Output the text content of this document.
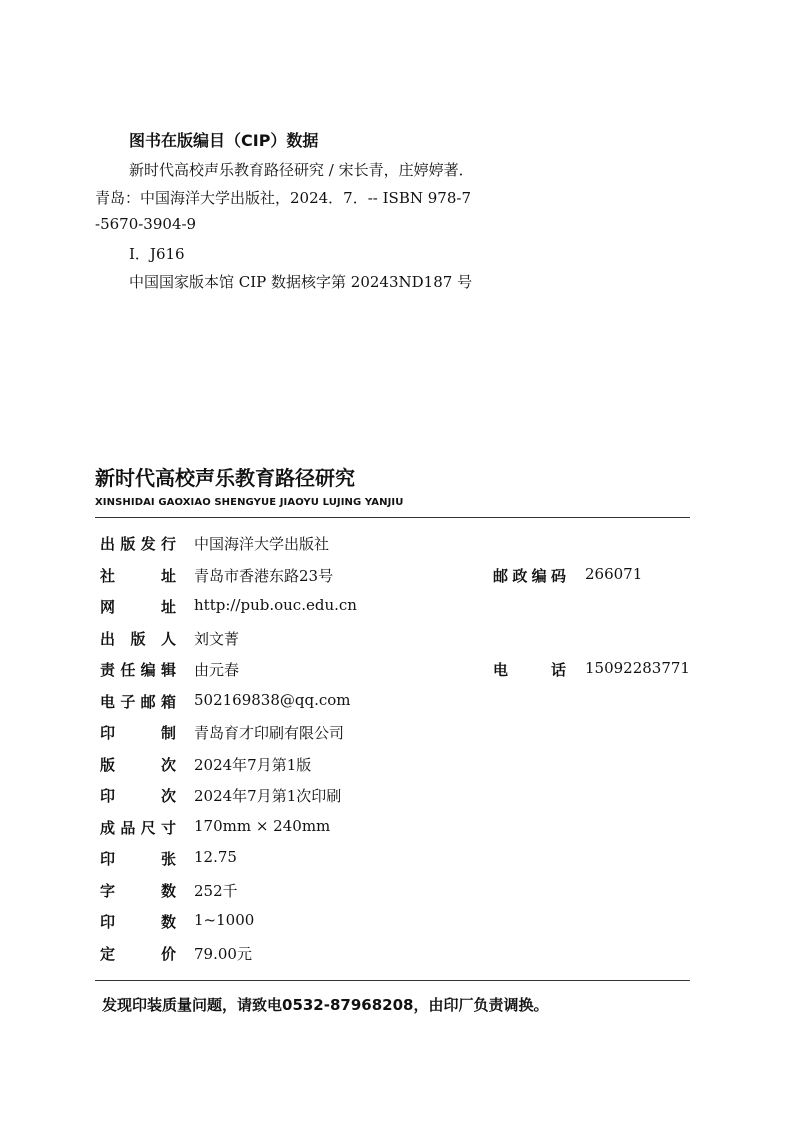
图书在版编目（CIP）数据
新时代高校声乐教育路径研究 / 宋长青，庄婷婷著．
青岛：中国海洋大学出版社，2024．7．-- ISBN 978-7
-5670-3904-9
Ⅰ．J616
中国国家版本馆 CIP 数据核字第 20243ND187 号
新时代高校声乐教育路径研究
XINSHIDAI GAOXIAO SHENGYUE JIAOYU LUJING YANJIU
出版发行 中国海洋大学出版社
社址 青岛市香港东路23号	邮政编码 266071
网址 http://pub.ouc.edu.cn
出版人 刘文菁
责任编辑 由元春	电话 15092283771
电子邮箱 502169838@qq.com
印制 青岛育才印刷有限公司
版次 2024年7月第1版
印次 2024年7月第1次印刷
成品尺寸 170mm × 240mm
印张 12.75
字数 252千
印数 1~1000
定价 79.00元
发现印装质量问题，请致电0532-87968208，由印厂负责调换。
